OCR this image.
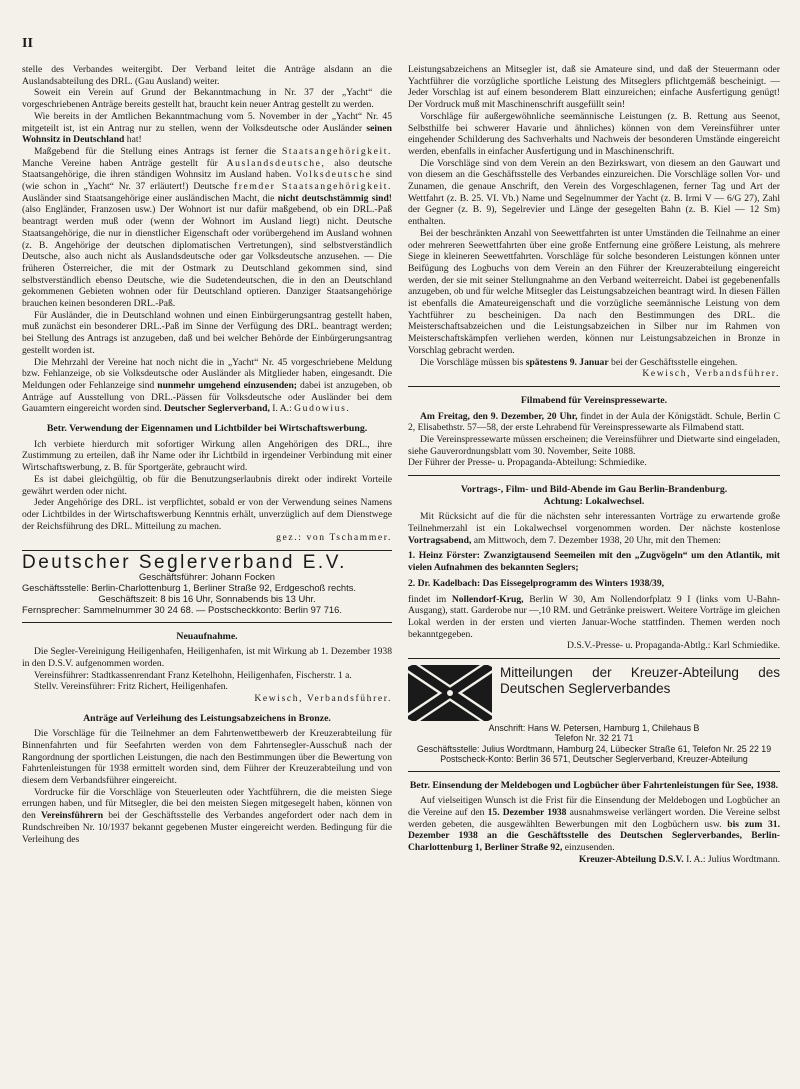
II

stelle des Verbandes weitergibt. Der Verband leitet die Anträge alsdann an die Auslandsabteilung des DRL. (Gau Ausland) weiter.

Soweit ein Verein auf Grund der Bekanntmachung in Nr. 37 der „Yacht“ die vorgeschriebenen Anträge bereits gestellt hat, braucht kein neuer Antrag gestellt zu werden.

Wie bereits in der Amtlichen Bekanntmachung vom 5. November in der „Yacht“ Nr. 45 mitgeteilt ist, ist ein Antrag nur zu stellen, wenn der Volksdeutsche oder Ausländer seinen Wohnsitz in Deutschland hat!

Maßgebend für die Stellung eines Antrags ist ferner die Staatsangehörigkeit. Manche Vereine haben Anträge gestellt für Auslandsdeutsche, also deutsche Staatsangehörige, die ihren ständigen Wohnsitz im Ausland haben. Volksdeutsche sind (wie schon in „Yacht“ Nr. 37 erläutert!) Deutsche fremder Staatsangehörigkeit. Ausländer sind Staatsangehörige einer ausländischen Macht, die nicht deutschstämmig sind! (also Engländer, Franzosen usw.) Der Wohnort ist nur dafür maßgebend, ob ein DRL.-Paß beantragt werden muß oder (wenn der Wohnort im Ausland liegt) nicht. Deutsche Staatsangehörige, die nur in dienstlicher Eigenschaft oder vorübergehend im Ausland wohnen (z. B. Angehörige der deutschen diplomatischen Vertretungen), sind selbstverständlich Deutsche, also auch nicht als Auslandsdeutsche oder gar Volksdeutsche anzusehen. — Die früheren Österreicher, die mit der Ostmark zu Deutschland gekommen sind, sind selbstverständlich ebenso Deutsche, wie die Sudetendeutschen, die in den an Deutschland gekommenen Gebieten wohnen oder für Deutschland optieren. Danziger Staatsangehörige brauchen keinen besonderen DRL.-Paß.

Für Ausländer, die in Deutschland wohnen und einen Einbürgerungsantrag gestellt haben, muß zunächst ein besonderer DRL.-Paß im Sinne der Verfügung des DRL. beantragt werden; bei Stellung des Antrags ist anzugeben, daß und bei welcher Behörde der Einbürgerungsantrag gestellt worden ist.

Die Mehrzahl der Vereine hat noch nicht die in „Yacht“ Nr. 45 vorgeschriebene Meldung bzw. Fehlanzeige, ob sie Volksdeutsche oder Ausländer als Mitglieder haben, eingesandt. Die Meldungen oder Fehlanzeige sind nunmehr umgehend einzusenden; dabei ist anzugeben, ob Anträge auf Ausstellung von DRL.-Pässen für Volksdeutsche oder Ausländer bei dem Gauamtern eingereicht worden sind. Deutscher Seglerverband, I. A.: Gudowius.

Betr. Verwendung der Eigennamen und Lichtbilder bei Wirtschaftswerbung.

Ich verbiete hierdurch mit sofortiger Wirkung allen Angehörigen des DRL., ihre Zustimmung zu erteilen, daß ihr Name oder ihr Lichtbild in irgendeiner Verbindung mit einer Wirtschaftswerbung, z. B. für Sportgeräte, gebraucht wird.

Es ist dabei gleichgültig, ob für die Benutzungserlaubnis direkt oder indirekt Vorteile gewährt werden oder nicht.

Jeder Angehörige des DRL. ist verpflichtet, sobald er von der Verwendung seines Namens oder Lichtbildes in der Wirtschaftswerbung Kenntnis erhält, unverzüglich auf dem Dienstwege der Reichsführung des DRL. Mitteilung zu machen.

gez.: von Tschammer.
Deutscher Seglerverband E.V.
Geschäftsführer: Johann Focken
Geschäftsstelle: Berlin-Charlottenburg 1, Berliner Straße 92, Erdgeschoß rechts.
Geschäftszeit: 8 bis 16 Uhr, Sonnabends bis 13 Uhr.
Fernsprecher: Sammelnummer 30 24 68. — Postscheckkonto: Berlin 97 716.
Neuaufnahme.

Die Segler-Vereinigung Heiligenhafen, Heiligenhafen, ist mit Wirkung ab 1. Dezember 1938 in den D.S.V. aufgenommen worden.

Vereinsführer: Stadtkassenrendant Franz Ketelhohn, Heiligenhafen, Fischerstr. 1 a.

Stellv. Vereinsführer: Fritz Richert, Heiligenhafen.

Kewisch, Verbandsführer.
Anträge auf Verleihung des Leistungsabzeichens in Bronze.

Die Vorschläge für die Teilnehmer an dem Fahrtenwettbewerb der Kreuzerabteilung für Binnenfahrten und für Seefahrten werden von dem Fahrtensegler-Ausschuß nach der Rangordnung der sportlichen Leistungen, die nach den Bestimmungen über die Bewertung von Fahrtenleistungen für 1938 ermittelt worden sind, dem Führer der Kreuzerabteilung und von diesem dem Verbandsführer eingereicht.

Vordrucke für die Vorschläge von Steuerleuten oder Yachtführern, die die meisten Siege errungen haben, und für Mitsegler, die bei den meisten Siegen mitgesegelt haben, können von den Vereinsführern bei der Geschäftsstelle des Verbandes angefordert oder nach dem in Rundschreiben Nr. 10/1937 bekannt gegebenen Muster eingereicht werden. Bedingung für die Verleihung des

Leistungsabzeichens an Mitsegler ist, daß sie Amateure sind, und daß der Steuermann oder Yachtführer die vorzügliche sportliche Leistung des Mitseglers pflichtgemäß bescheinigt. — Jeder Vorschlag ist auf einem besonderem Blatt einzureichen; einfache Ausfertigung genügt! Der Vordruck muß mit Maschinenschrift ausgefüllt sein!

Vorschläge für außergewöhnliche seemännische Leistungen (z. B. Rettung aus Seenot, Selbsthilfe bei schwerer Havarie und ähnliches) können von dem Vereinsführer unter eingehender Schilderung des Sachverhalts und Nachweis der besonderen Umstände eingereicht werden, ebenfalls in einfacher Ausfertigung und in Maschinenschrift.

Die Vorschläge sind von dem Verein an den Bezirkswart, von diesem an den Gauwart und von diesem an die Geschäftsstelle des Verbandes einzureichen. Die Vorschläge sollen Vor- und Zunamen, die genaue Anschrift, den Verein des Vorgeschlagenen, ferner Tag und Art der Wettfahrt (z. B. 25. VI. Vb.) Name und Segelnummer der Yacht (z. B. Irmi V — 6/G 27), Zahl der Gegner (z. B. 9), Segelrevier und Länge der gesegelten Bahn (z. B. Kiel — 12 Sm) enthalten.

Bei der beschränkten Anzahl von Seewettfahrten ist unter Umständen die Teilnahme an einer oder mehreren Seewettfahrten über eine große Entfernung eine größere Leistung, als mehrere Siege in kleineren Seewettfahrten. Vorschläge für solche besonderen Leistungen können unter Beifügung des Logbuchs von dem Verein an den Führer der Kreuzerabteilung eingereicht werden, der sie mit seiner Stellungnahme an den Verband weiterreicht. Dabei ist gegebenenfalls anzugeben, ob und für welche Mitsegler das Leistungsabzeichen beantragt wird. In diesen Fällen ist ebenfalls die Amateureigenschaft und die vorzügliche seemännische Leistung von dem Yachtführer zu bescheinigen. Da nach den Bestimmungen des DRL. die Meisterschaftsabzeichen und die Leistungsabzeichen in Silber nur im Rahmen von Meisterschaftskämpfen verliehen werden, können nur Leistungsabzeichen in Bronze in Vorschlag gebracht werden.

Die Vorschläge müssen bis spätestens 9. Januar bei der Geschäftsstelle eingehen.

Kewisch, Verbandsführer.
Filmabend für Vereinspressewarte.

Am Freitag, den 9. Dezember, 20 Uhr, findet in der Aula der Königstädt. Schule, Berlin C 2, Elisabethstr. 57—58, der erste Lehrabend für Vereinspressewarte als Filmabend statt.

Die Vereinspressewarte müssen erscheinen; die Vereinsführer und Dietwarte sind eingeladen, siehe Gauverordnungsblatt vom 30. November, Seite 1088.

Der Führer der Presse- u. Propaganda-Abteilung: Schmiedike.

Vortrags-, Film- und Bild-Abende im Gau Berlin-Brandenburg.
Achtung: Lokalwechsel.

Mit Rücksicht auf die für die nächsten sehr interessanten Vorträge zu erwartende große Teilnehmerzahl ist ein Lokalwechsel vorgenommen worden. Der nächste kostenlose Vortragsabend, am Mittwoch, dem 7. Dezember 1938, 20 Uhr, mit den Themen:

1. Heinz Förster: Zwanzigtausend Seemeilen mit den „Zugvögeln“ um den Atlantik, mit vielen Aufnahmen des bekannten Seglers;
2. Dr. Kadelbach: Das Eissegelprogramm des Winters 1938/39,

findet im Nollendorf-Krug, Berlin W 30, Am Nollendorfplatz 9 I (links vom U-Bahn-Ausgang), statt. Garderobe nur —,10 RM. und Getränke preiswert. Weitere Vorträge im gleichen Lokal werden in der ersten und vierten Januar-Woche stattfinden. Themen werden noch bekanntgegeben.

D.S.V.-Presse- u. Propaganda-Abtlg.: Karl Schmiedike.
Mitteilungen der Kreuzer-Abteilung des Deutschen Seglerverbandes
Anschrift: Hans W. Petersen, Hamburg 1, Chilehaus B
Telefon Nr. 32 21 71
Geschäftsstelle: Julius Wordtmann, Hamburg 24, Lübecker Straße 61, Telefon Nr. 25 22 19
Postscheck-Konto: Berlin 36 571, Deutscher Seglerverband, Kreuzer-Abteilung
Betr. Einsendung der Meldebogen und Logbücher über Fahrtenleistungen für See, 1938.

Auf vielseitigen Wunsch ist die Frist für die Einsendung der Meldebogen und Logbücher an die Vereine auf den 15. Dezember 1938 ausnahmsweise verlängert worden. Die Vereine selbst werden gebeten, die ausgewählten Bewerbungen mit den Logbüchern usw. bis zum 31. Dezember 1938 an die Geschäftsstelle des Deutschen Seglerverbandes, Berlin-Charlottenburg 1, Berliner Straße 92, einzusenden.

Kreuzer-Abteilung D.S.V. I. A.: Julius Wordtmann.
